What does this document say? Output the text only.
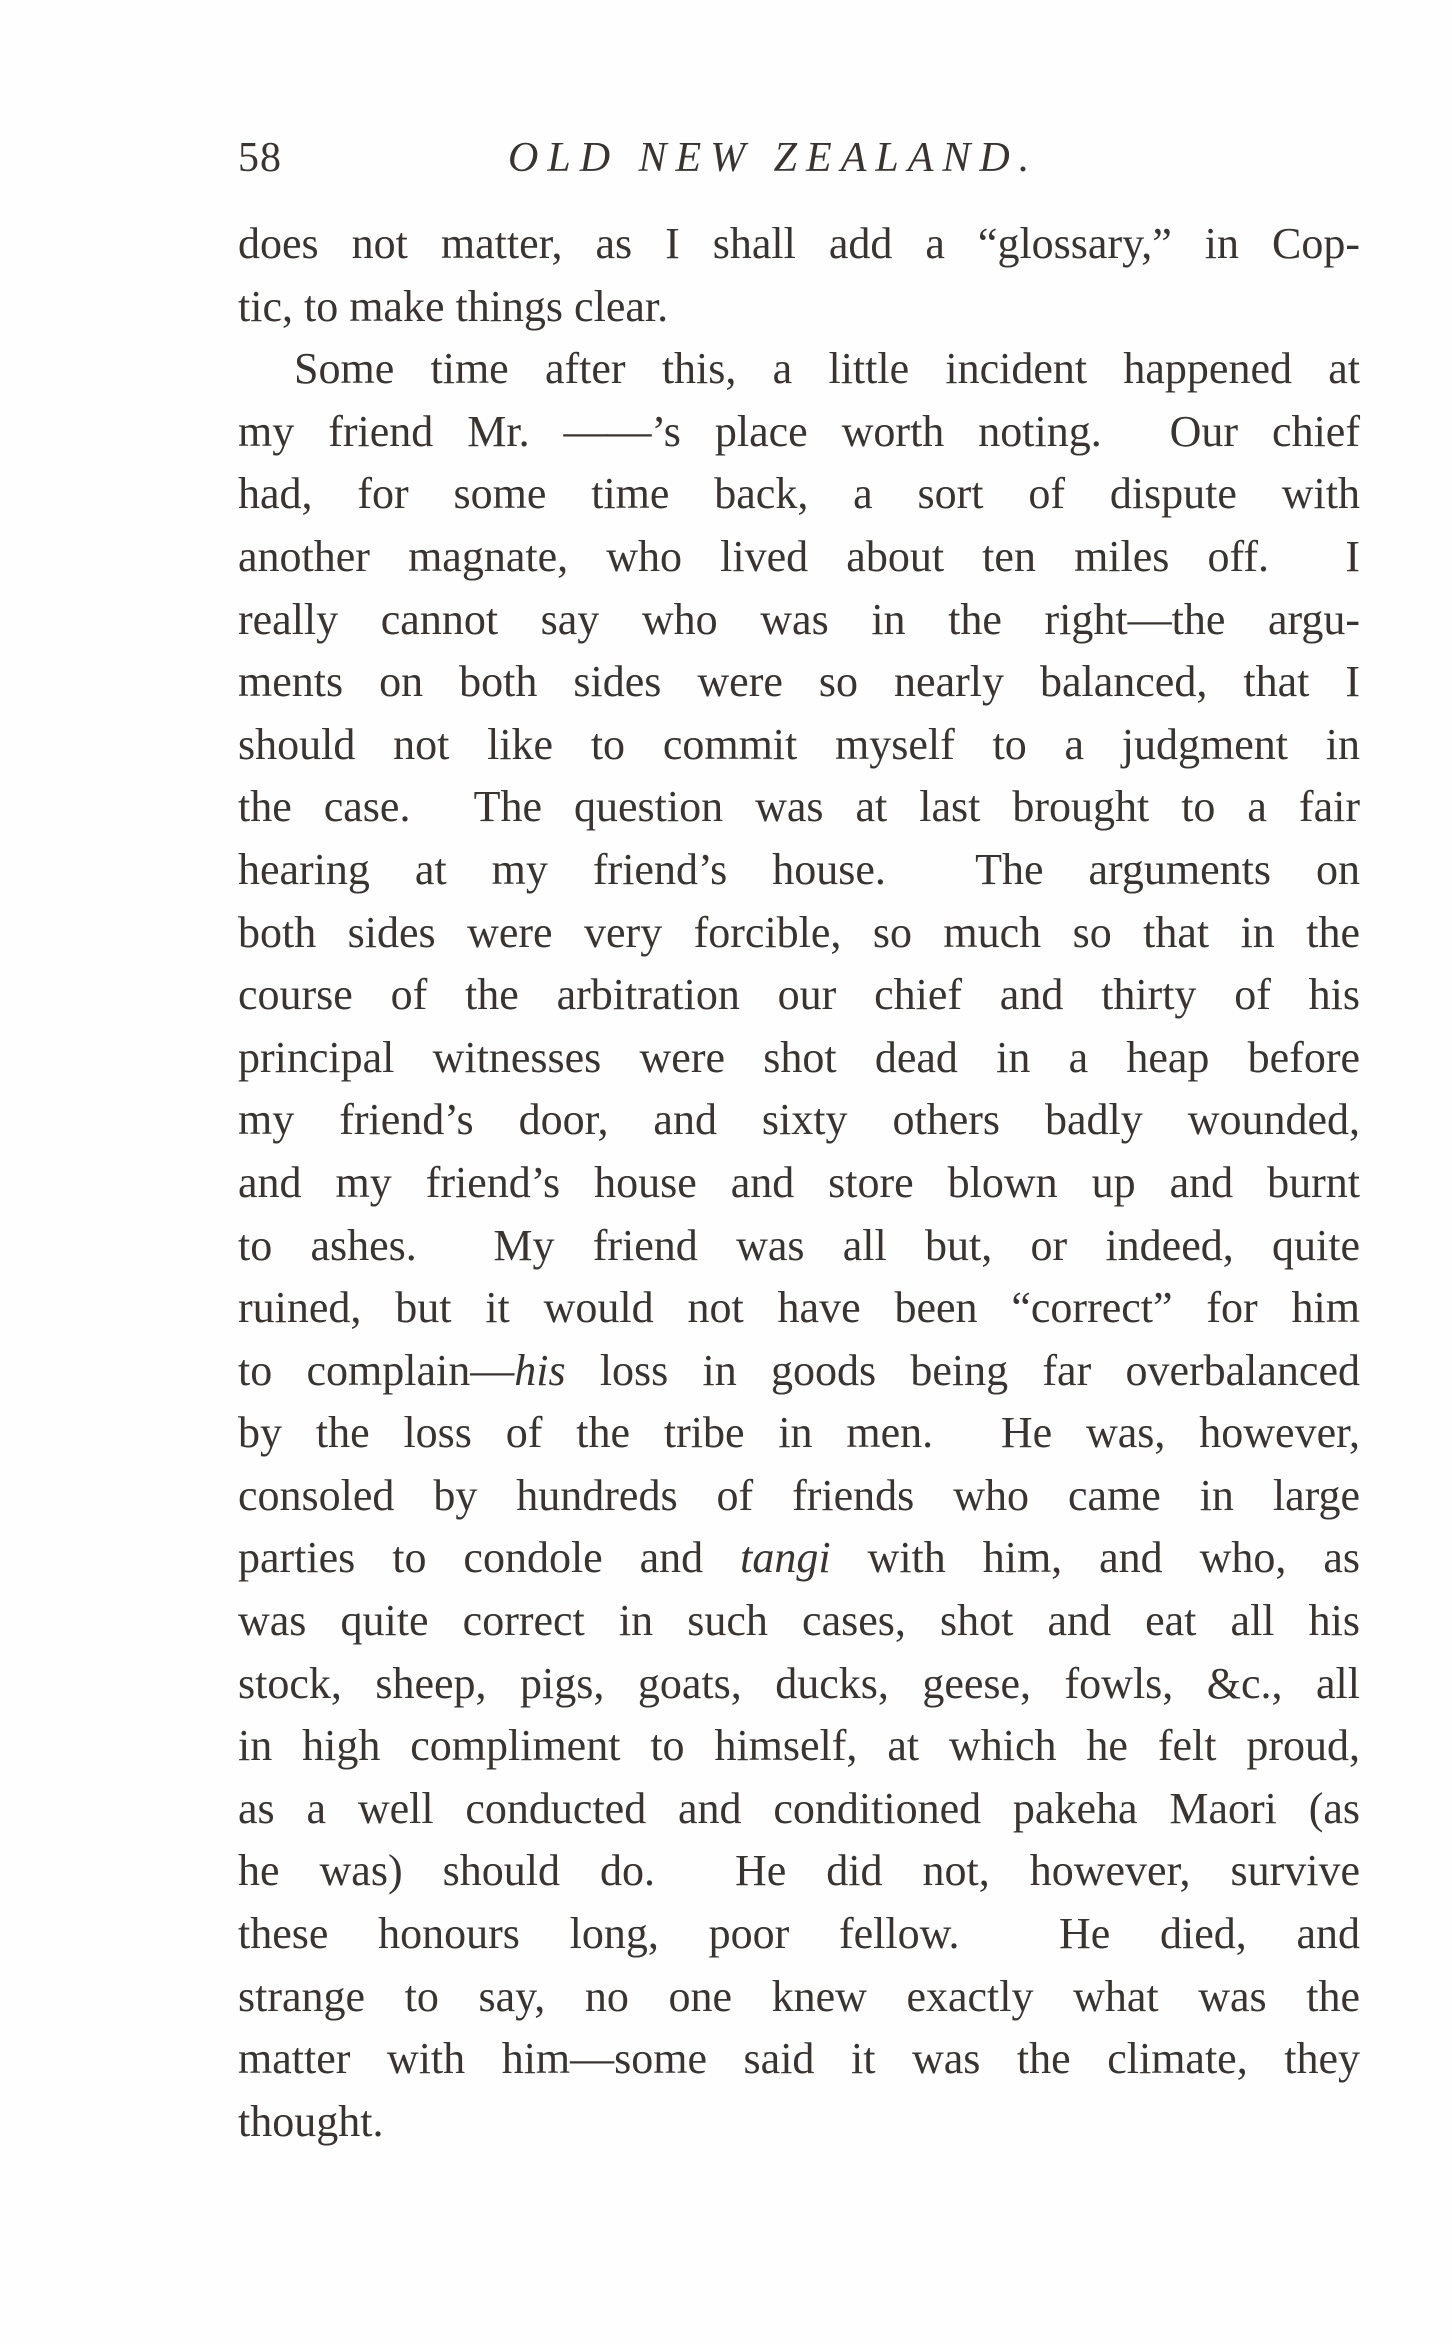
58	OLD NEW ZEALAND.
does not matter, as I shall add a “glossary,” in Cop-
tic, to make things clear.
Some time after this, a little incident happened at
my friend Mr. ——’s place worth noting.  Our chief
had, for some time back, a sort of dispute with
another magnate, who lived about ten miles off.  I
really cannot say who was in the right—the argu-
ments on both sides were so nearly balanced, that I
should not like to commit myself to a judgment in
the case.  The question was at last brought to a fair
hearing at my friend’s house.  The arguments on
both sides were very forcible, so much so that in the
course of the arbitration our chief and thirty of his
principal witnesses were shot dead in a heap before
my friend’s door, and sixty others badly wounded,
and my friend’s house and store blown up and burnt
to ashes.  My friend was all but, or indeed, quite
ruined, but it would not have been “correct” for him
to complain—his loss in goods being far overbalanced
by the loss of the tribe in men.  He was, however,
consoled by hundreds of friends who came in large
parties to condole and tangi with him, and who, as
was quite correct in such cases, shot and eat all his
stock, sheep, pigs, goats, ducks, geese, fowls, &c., all
in high compliment to himself, at which he felt proud,
as a well conducted and conditioned pakeha Maori (as
he was) should do.  He did not, however, survive
these honours long, poor fellow.  He died, and
strange to say, no one knew exactly what was the
matter with him—some said it was the climate, they
thought.
